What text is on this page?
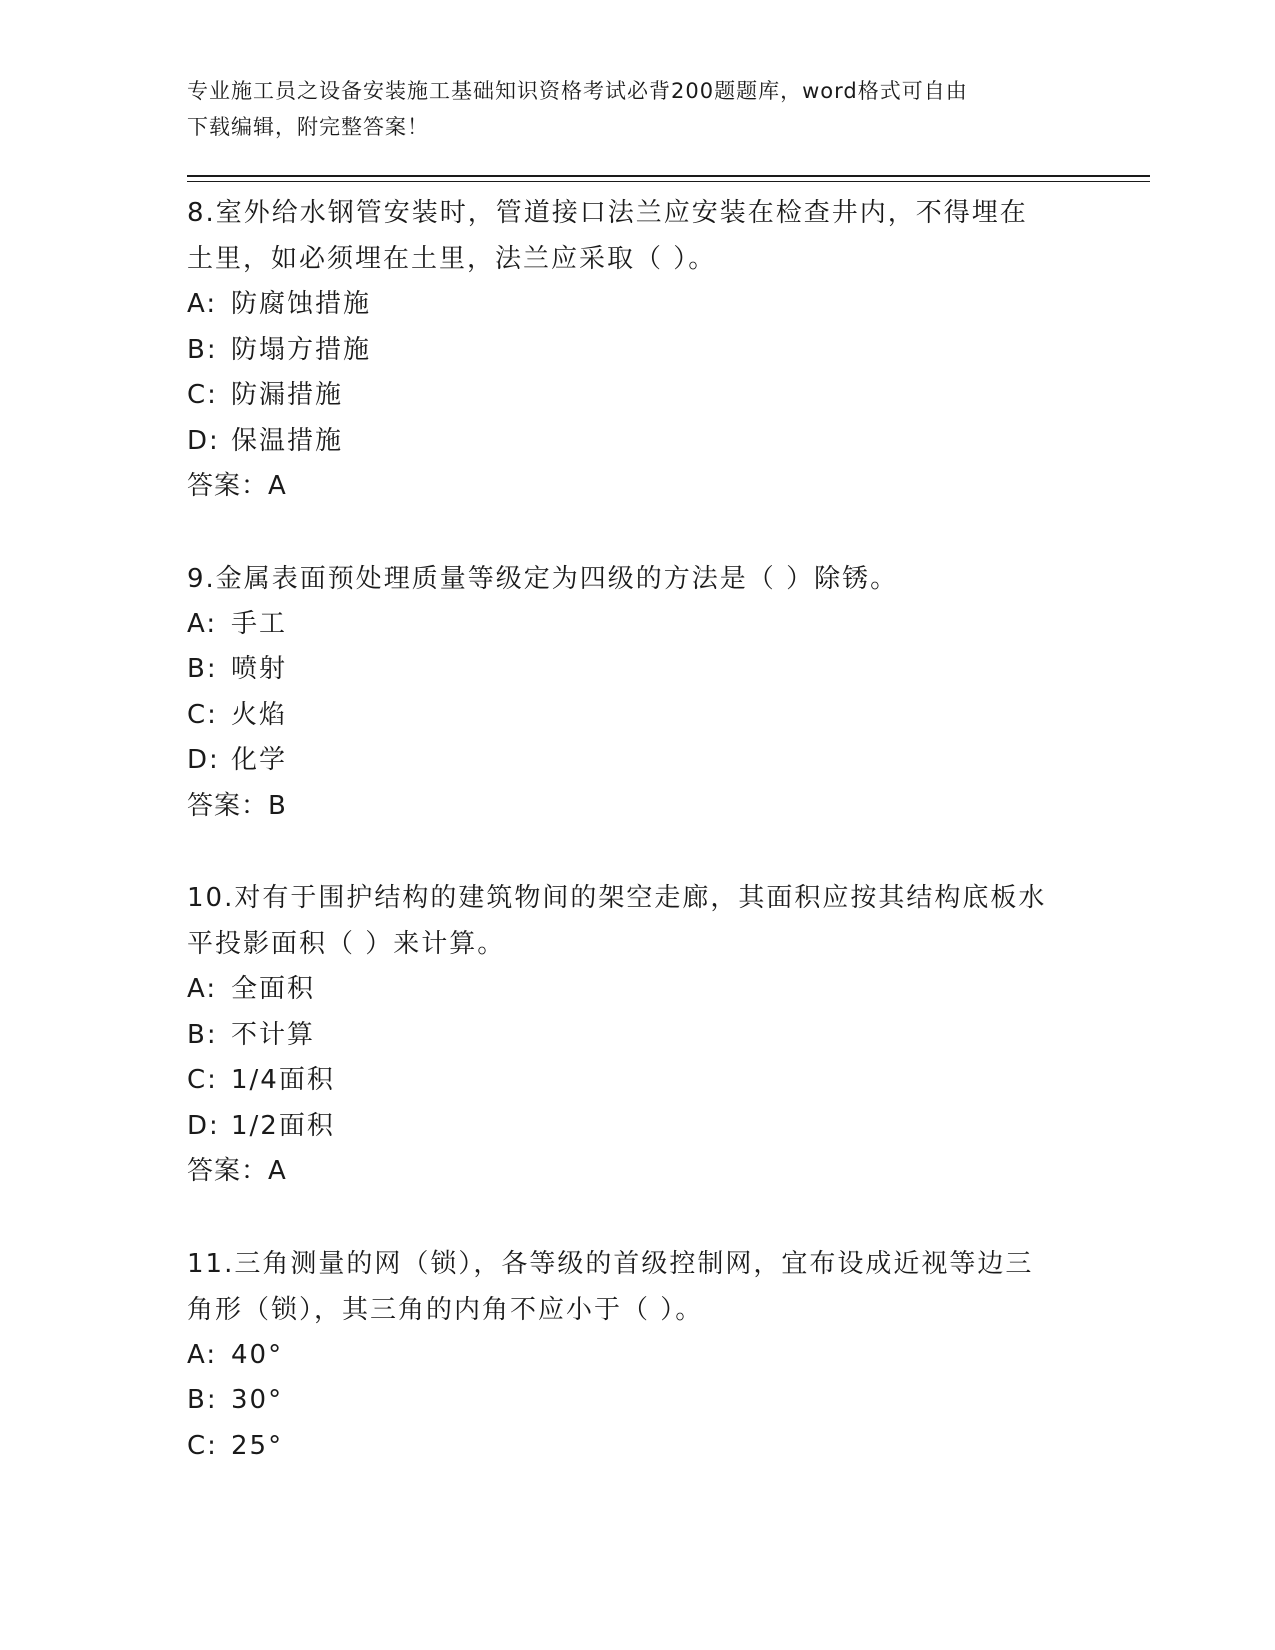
专业施工员之设备安装施工基础知识资格考试必背200题题库，word格式可自由
下载编辑，附完整答案！

8.室外给水钢管安装时，管道接口法兰应安装在检查井内，不得埋在

土里，如必须埋在土里，法兰应采取（ ）。

A: 防腐蚀措施

B: 防塌方措施

C: 防漏措施

D: 保温措施

答案：A

9.金属表面预处理质量等级定为四级的方法是（ ）除锈。

A: 手工

B: 喷射

C: 火焰

D: 化学

答案：B

10.对有于围护结构的建筑物间的架空走廊，其面积应按其结构底板水

平投影面积（ ）来计算。

A: 全面积

B: 不计算

C: 1/4面积

D: 1/2面积

答案：A

11.三角测量的网（锁），各等级的首级控制网，宜布设成近视等边三

角形（锁），其三角的内角不应小于（ ）。

A: 40°

B: 30°

C: 25°
